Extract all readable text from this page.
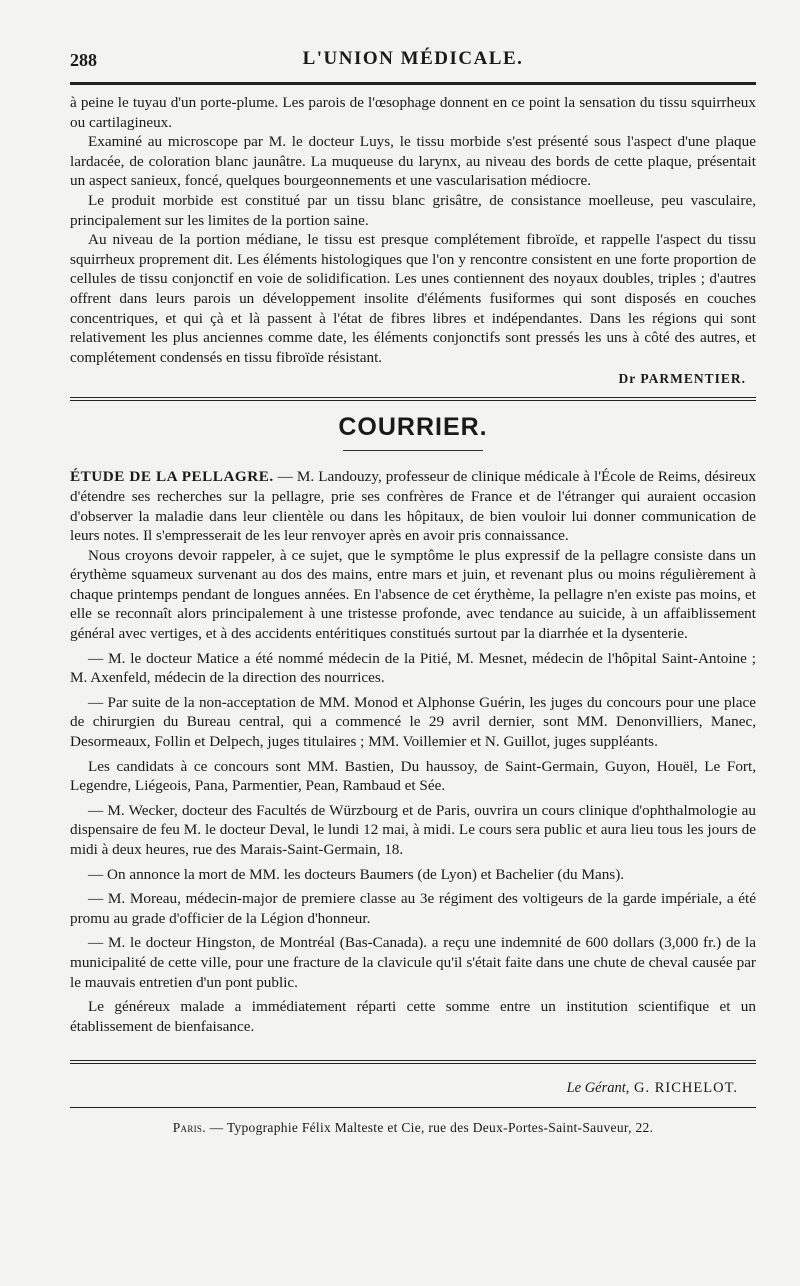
288	L'UNION MÉDICALE.

à peine le tuyau d'un porte-plume. Les parois de l'œsophage donnent en ce point la sensation du tissu squirrheux ou cartilagineux.

Examiné au microscope par M. le docteur Luys, le tissu morbide s'est présenté sous l'aspect d'une plaque lardacée, de coloration blanc jaunâtre. La muqueuse du larynx, au niveau des bords de cette plaque, présentait un aspect sanieux, foncé, quelques bourgeonnements et une vascularisation médiocre.

Le produit morbide est constitué par un tissu blanc grisâtre, de consistance moelleuse, peu vasculaire, principalement sur les limites de la portion saine.

Au niveau de la portion médiane, le tissu est presque complétement fibroïde, et rappelle l'aspect du tissu squirrheux proprement dit. Les éléments histologiques que l'on y rencontre consistent en une forte proportion de cellules de tissu conjonctif en voie de solidification. Les unes contiennent des noyaux doubles, triples ; d'autres offrent dans leurs parois un développement insolite d'éléments fusiformes qui sont disposés en couches concentriques, et qui çà et là passent à l'état de fibres libres et indépendantes. Dans les régions qui sont relativement les plus anciennes comme date, les éléments conjonctifs sont pressés les uns à côté des autres, et complétement condensés en tissu fibroïde résistant.

Dr PARMENTIER.
COURRIER.

ÉTUDE DE LA PELLAGRE. — M. Landouzy, professeur de clinique médicale à l'École de Reims, désireux d'étendre ses recherches sur la pellagre, prie ses confrères de France et de l'étranger qui auraient occasion d'observer la maladie dans leur clientèle ou dans les hôpitaux, de bien vouloir lui donner communication de leurs notes. Il s'empresserait de les leur renvoyer après en avoir pris connaissance.

Nous croyons devoir rappeler, à ce sujet, que le symptôme le plus expressif de la pellagre consiste dans un érythème squameux survenant au dos des mains, entre mars et juin, et revenant plus ou moins régulièrement à chaque printemps pendant de longues années. En l'absence de cet érythème, la pellagre n'en existe pas moins, et elle se reconnaît alors principalement à une tristesse profonde, avec tendance au suicide, à un affaiblissement général avec vertiges, et à des accidents entéritiques constitués surtout par la diarrhée et la dysenterie.

— M. le docteur Matice a été nommé médecin de la Pitié, M. Mesnet, médecin de l'hôpital Saint-Antoine ; M. Axenfeld, médecin de la direction des nourrices.

— Par suite de la non-acceptation de MM. Monod et Alphonse Guérin, les juges du concours pour une place de chirurgien du Bureau central, qui a commencé le 29 avril dernier, sont MM. Denonvilliers, Manec, Desormeaux, Follin et Delpech, juges titulaires ; MM. Voillemier et N. Guillot, juges suppléants.

Les candidats à ce concours sont MM. Bastien, Du haussoy, de Saint-Germain, Guyon, Houël, Le Fort, Legendre, Liégeois, Pana, Parmentier, Pean, Rambaud et Sée.

— M. Wecker, docteur des Facultés de Würzbourg et de Paris, ouvrira un cours clinique d'ophthalmologie au dispensaire de feu M. le docteur Deval, le lundi 12 mai, à midi. Le cours sera public et aura lieu tous les jours de midi à deux heures, rue des Marais-Saint-Germain, 18.

— On annonce la mort de MM. les docteurs Baumers (de Lyon) et Bachelier (du Mans).

— M. Moreau, médecin-major de premiere classe au 3e régiment des voltigeurs de la garde impériale, a été promu au grade d'officier de la Légion d'honneur.

— M. le docteur Hingston, de Montréal (Bas-Canada). a reçu une indemnité de 600 dollars (3,000 fr.) de la municipalité de cette ville, pour une fracture de la clavicule qu'il s'était faite dans une chute de cheval causée par le mauvais entretien d'un pont public.

Le généreux malade a immédiatement réparti cette somme entre un institution scientifique et un établissement de bienfaisance.

Le Gérant, G. RICHELOT.
Paris. — Typographie Félix Malteste et Cie, rue des Deux-Portes-Saint-Sauveur, 22.
